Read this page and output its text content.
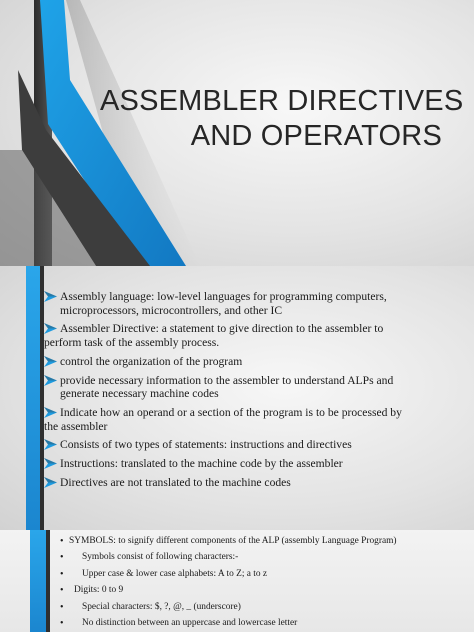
ASSEMBLER DIRECTIVES
AND OPERATORS
Assembly language: low-level languages for programming computers,
microprocessors, microcontrollers, and other IC
Assembler Directive: a statement to give direction to the assembler to
perform task of the assembly process.
control the organization of the program
provide necessary information to the assembler to understand ALPs and
generate necessary machine codes
Indicate how an operand or a section of the program is to be processed by
the assembler
Consists of two types of statements: instructions and directives
Instructions: translated to the machine code by the assembler
Directives are not translated to the machine codes
• SYMBOLS: to signify different components of the ALP (assembly Language Program)
• Symbols consist of following characters:-
• Upper case & lower case alphabets: A to Z; a to z
• Digits: 0 to 9
• Special characters: $, ?, @, _ (underscore)
• No distinction between an uppercase and lowercase letter
